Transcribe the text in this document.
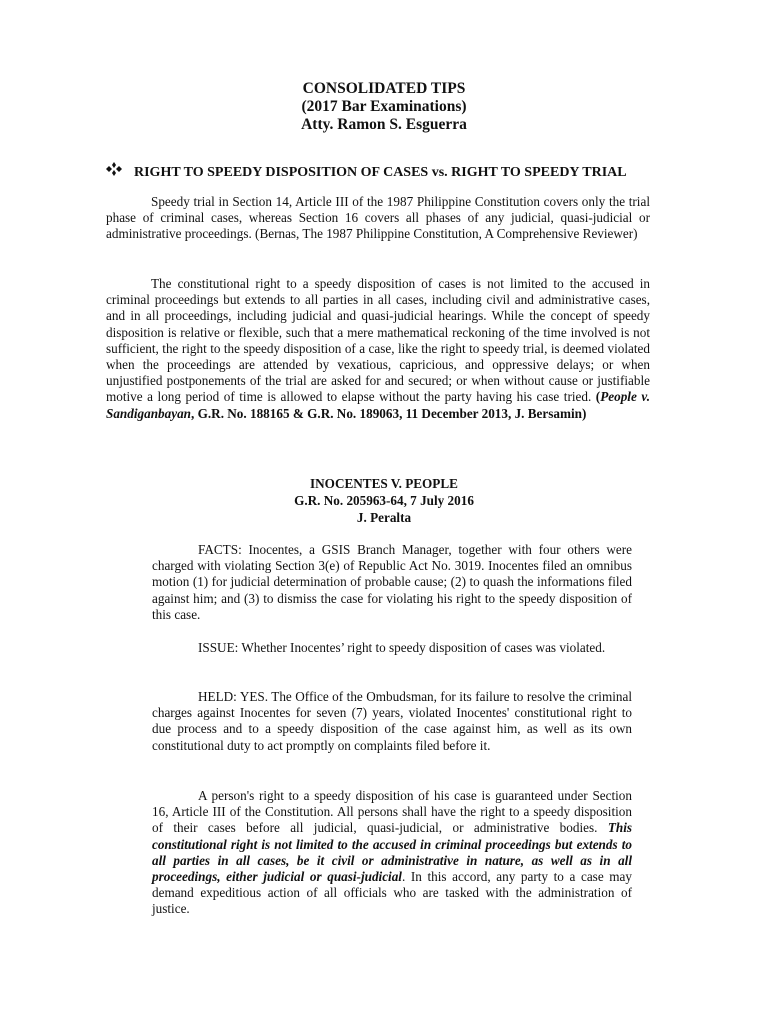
CONSOLIDATED TIPS
(2017 Bar Examinations)
Atty. Ramon S. Esguerra
RIGHT TO SPEEDY DISPOSITION OF CASES vs. RIGHT TO SPEEDY TRIAL

Speedy trial in Section 14, Article III of the 1987 Philippine Constitution covers only the trial phase of criminal cases, whereas Section 16 covers all phases of any judicial, quasi-judicial or administrative proceedings. (Bernas, The 1987 Philippine Constitution, A Comprehensive Reviewer)

The constitutional right to a speedy disposition of cases is not limited to the accused in criminal proceedings but extends to all parties in all cases, including civil and administrative cases, and in all proceedings, including judicial and quasi-judicial hearings. While the concept of speedy disposition is relative or flexible, such that a mere mathematical reckoning of the time involved is not sufficient, the right to the speedy disposition of a case, like the right to speedy trial, is deemed violated when the proceedings are attended by vexatious, capricious, and oppressive delays; or when unjustified postponements of the trial are asked for and secured; or when without cause or justifiable motive a long period of time is allowed to elapse without the party having his case tried. (People v. Sandiganbayan, G.R. No. 188165 & G.R. No. 189063, 11 December 2013, J. Bersamin)

INOCENTES V. PEOPLE
G.R. No. 205963-64, 7 July 2016
J. Peralta

FACTS: Inocentes, a GSIS Branch Manager, together with four others were charged with violating Section 3(e) of Republic Act No. 3019. Inocentes filed an omnibus motion (1) for judicial determination of probable cause; (2) to quash the informations filed against him; and (3) to dismiss the case for violating his right to the speedy disposition of this case.

ISSUE: Whether Inocentes’ right to speedy disposition of cases was violated.

HELD: YES. The Office of the Ombudsman, for its failure to resolve the criminal charges against Inocentes for seven (7) years, violated Inocentes' constitutional right to due process and to a speedy disposition of the case against him, as well as its own constitutional duty to act promptly on complaints filed before it.

A person's right to a speedy disposition of his case is guaranteed under Section 16, Article III of the Constitution. All persons shall have the right to a speedy disposition of their cases before all judicial, quasi-judicial, or administrative bodies. This constitutional right is not limited to the accused in criminal proceedings but extends to all parties in all cases, be it civil or administrative in nature, as well as in all proceedings, either judicial or quasi-judicial. In this accord, any party to a case may demand expeditious action of all officials who are tasked with the administration of justice.
